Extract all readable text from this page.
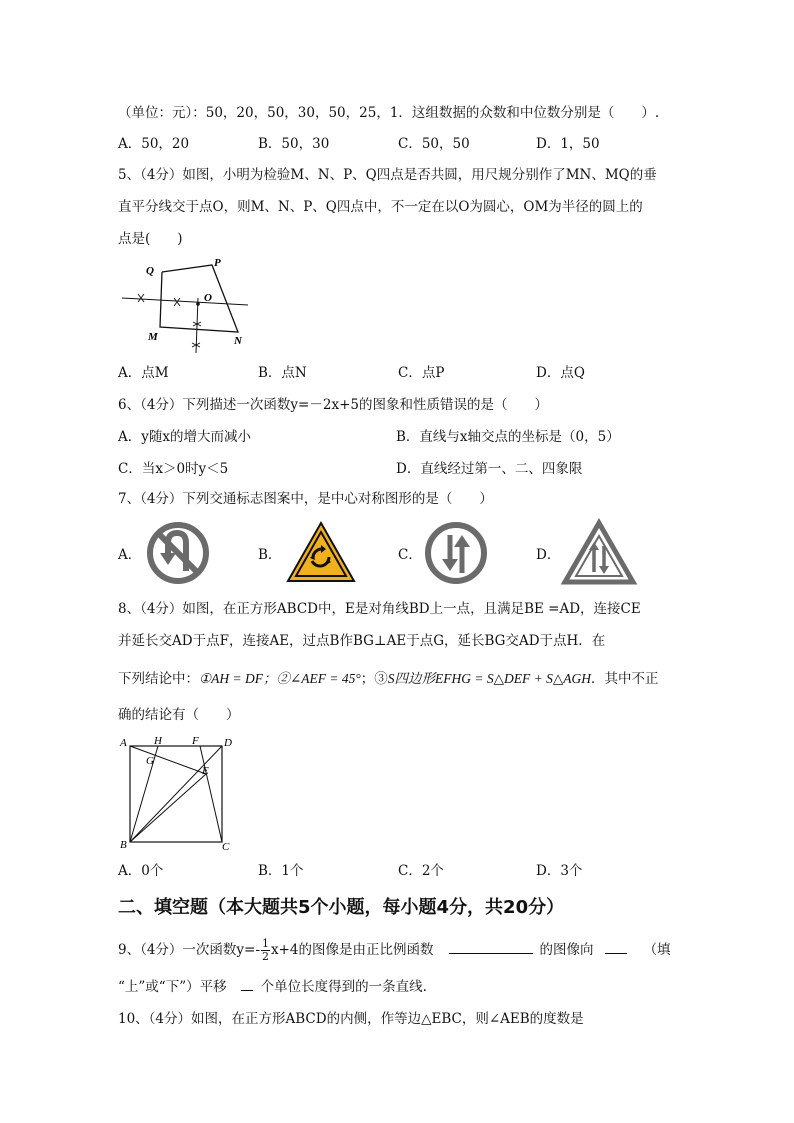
（单位：元）：50，20，50，30，50，25，1．这组数据的众数和中位数分别是（　　）.
A．50，20	B．50，30	C．50，50	D．1，50
5、（4分）如图，小明为检验M、N、P、Q四点是否共圆，用尺规分别作了MN、MQ的垂
直平分线交于点O，则M、N、P、Q四点中，不一定在以O为圆心，OM为半径的圆上的
点是(　　)
Q
P
O
M	N
A．点M	B．点N	C．点P	D．点Q
6、（4分）下列描述一次函数y=－2x+5的图象和性质错误的是（　　）
A．y随x的增大而减小	B．直线与x轴交点的坐标是（0，5）
C．当x＞0时y＜5	D．直线经过第一、二、四象限
7、（4分）下列交通标志图案中，是中心对称图形的是（　　）
A．	B．	C．	D．
8、（4分）如图，在正方形ABCD中，E是对角线BD上一点，且满足BE =AD，连接CE
并延长交AD于点F，连接AE，过点B作BG⊥AE于点G，延长BG交AD于点H．在
下列结论中：①AH = DF；②∠AEF = 45°；③S四边形EFHG = S△DEF + S△AGH．其中不正
确的结论有（　　）
A H	F D
G
E
B	C
A．0个	B．1个	C．2个	D．3个
二、填空题（本大题共5个小题，每小题4分，共20分）
9、（4分）一次函数$y=- \frac{1}{2} x+4$的图像是由正比例函数	的图像向	（填
“上”或“下”）平移	个单位长度得到的一条直线.
10、（4分）如图，在正方形ABCD的内侧，作等边△EBC，则∠AEB的度数是
